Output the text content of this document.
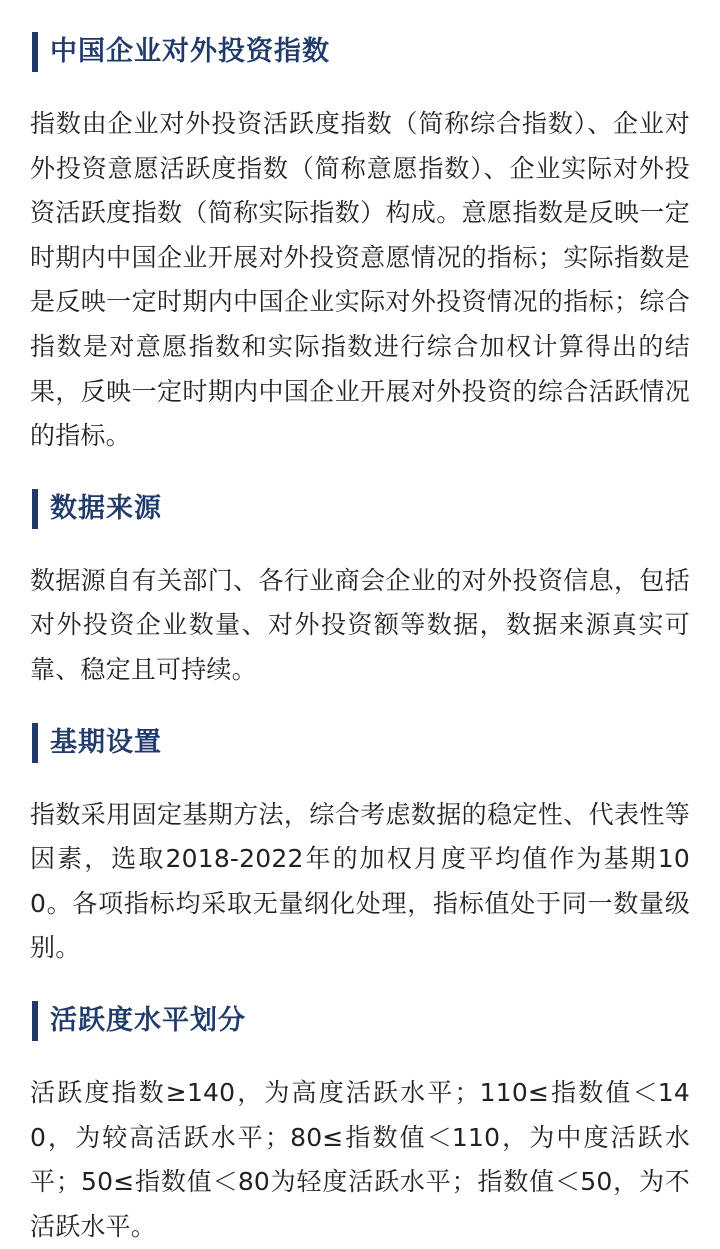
中国企业对外投资指数

指数由企业对外投资活跃度指数（简称综合指数）、企业对外投资意愿活跃度指数（简称意愿指数）、企业实际对外投资活跃度指数（简称实际指数）构成。意愿指数是反映一定时期内中国企业开展对外投资意愿情况的指标；实际指数是是反映一定时期内中国企业实际对外投资情况的指标；综合指数是对意愿指数和实际指数进行综合加权计算得出的结果，反映一定时期内中国企业开展对外投资的综合活跃情况的指标。

数据来源

数据源自有关部门、各行业商会企业的对外投资信息，包括对外投资企业数量、对外投资额等数据，数据来源真实可靠、稳定且可持续。

基期设置

指数采用固定基期方法，综合考虑数据的稳定性、代表性等因素，选取2018-2022年的加权月度平均值作为基期100。各项指标均采取无量纲化处理，指标值处于同一数量级别。

活跃度水平划分

活跃度指数≥140，为高度活跃水平；110≤指数值＜140，为较高活跃水平；80≤指数值＜110，为中度活跃水平；50≤指数值＜80为轻度活跃水平；指数值＜50，为不活跃水平。
